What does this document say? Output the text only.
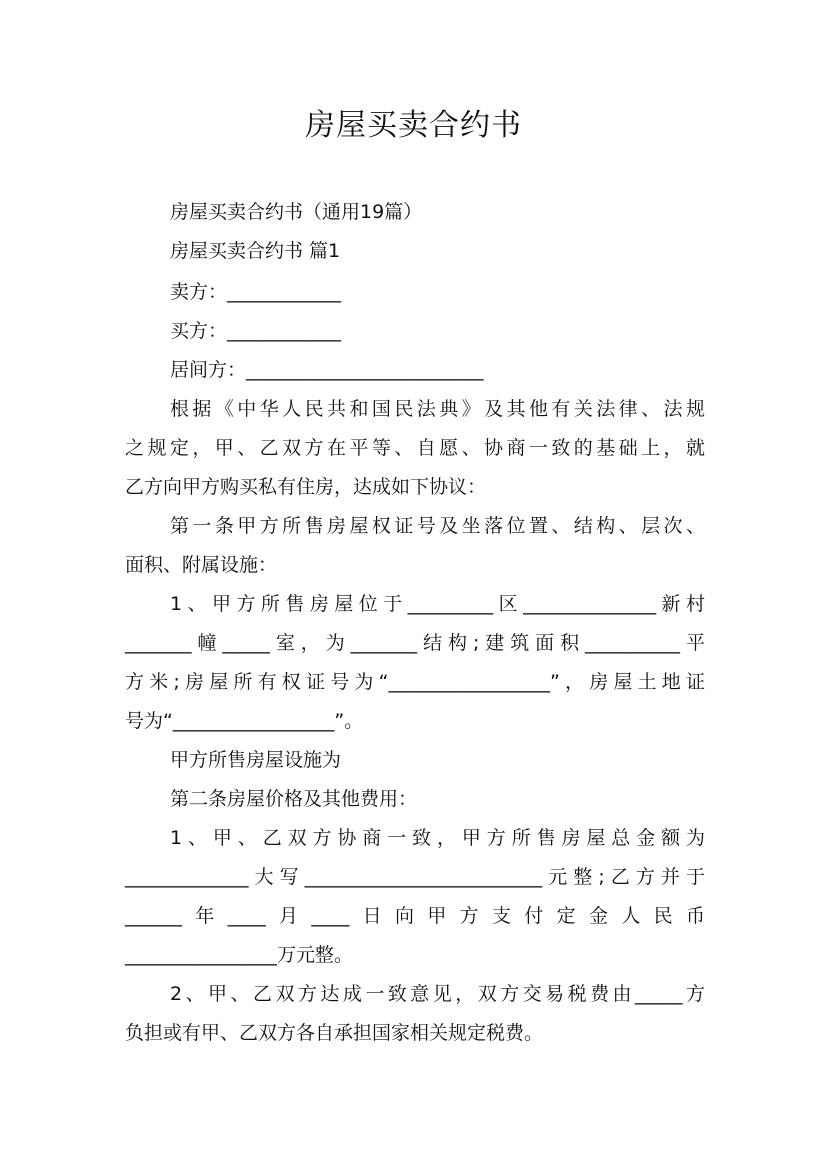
房屋买卖合约书
房屋买卖合约书（通用19篇）
房屋买卖合约书 篇1
卖方：____________
买方：____________
居间方：_________________________
根据《中华人民共和国民法典》及其他有关法律、法规
之规定，甲、乙双方在平等、自愿、协商一致的基础上，就
乙方向甲方购买私有住房，达成如下协议：
第一条甲方所售房屋权证号及坐落位置、结构、层次、
面积、附属设施：
1、甲方所售房屋位于_________区______________新村
_______幢_____室，为_______结构;建筑面积__________平
方米;房屋所有权证号为“_________________”，房屋土地证
号为“_________________”。
甲方所售房屋设施为
第二条房屋价格及其他费用：
1、甲、乙双方协商一致，甲方所售房屋总金额为
_____________大写_________________________元整;乙方并于
______年____月____日向甲方支付定金人民币
________________万元整。
2、甲、乙双方达成一致意见，双方交易税费由_____方
负担或有甲、乙双方各自承担国家相关规定税费。
